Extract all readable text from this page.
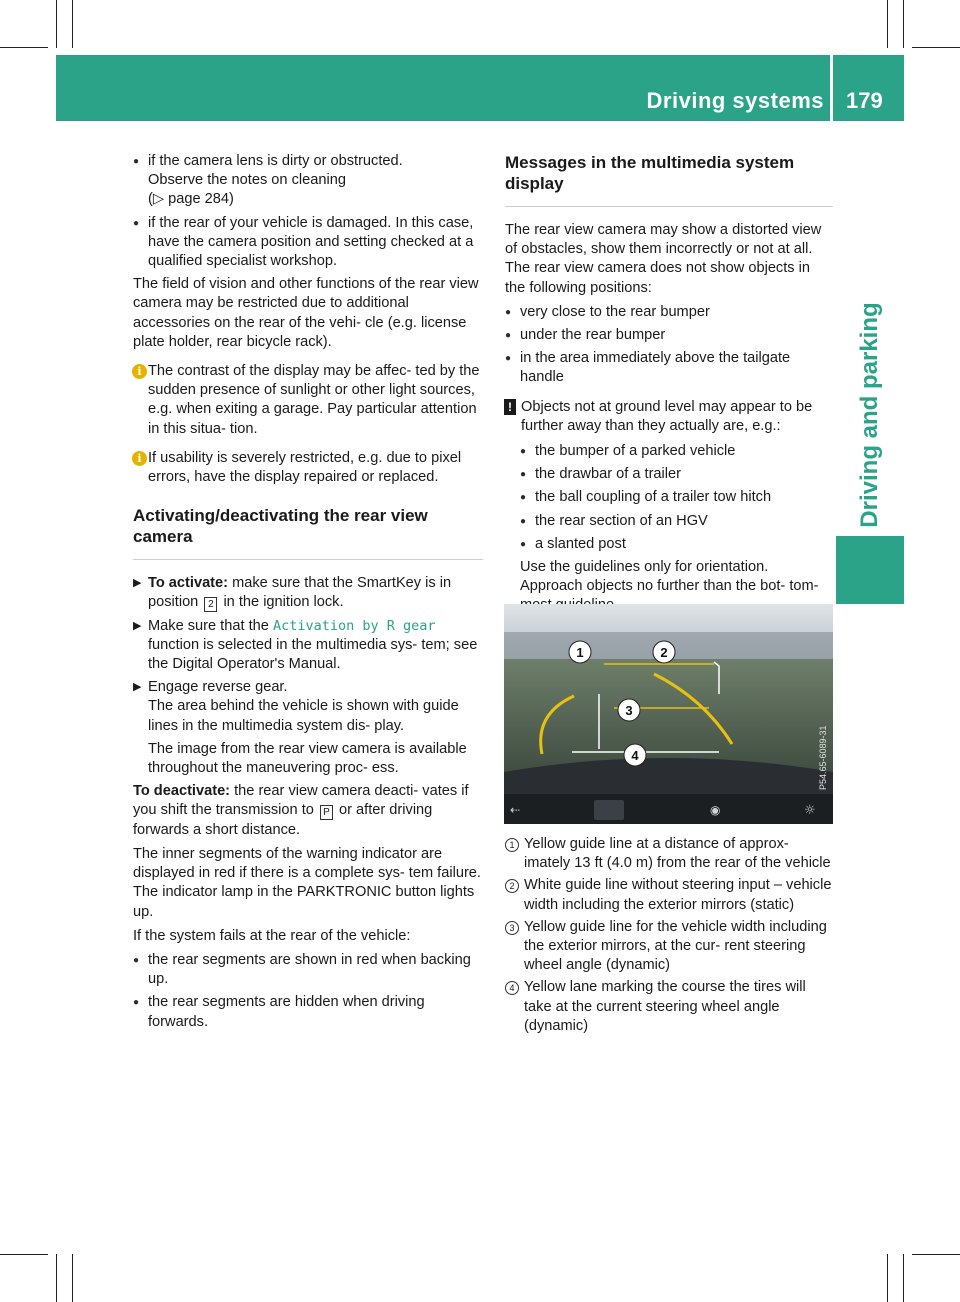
Driving systems 179
Driving and parking
● if the camera lens is dirty or obstructed.
Observe the notes on cleaning
(▷ page 284)
● if the rear of your vehicle is damaged. In this case, have the camera position and setting checked at a qualified specialist workshop.

The field of vision and other functions of the rear view camera may be restricted due to additional accessories on the rear of the vehi- cle (e.g. license plate holder, rear bicycle rack).

i The contrast of the display may be affec- ted by the sudden presence of sunlight or other light sources, e.g. when exiting a garage. Pay particular attention in this situa- tion.
i If usability is severely restricted, e.g. due to pixel errors, have the display repaired or replaced.
Activating/deactivating the rear view camera
▶ To activate: make sure that the SmartKey is in position 2 in the ignition lock.
▶ Make sure that the Activation by R gear function is selected in the multimedia sys- tem; see the Digital Operator's Manual.
▶ Engage reverse gear.
The area behind the vehicle is shown with guide lines in the multimedia system dis- play.
The image from the rear view camera is available throughout the maneuvering proc- ess.

To deactivate: the rear view camera deacti- vates if you shift the transmission to P or after driving forwards a short distance.

The inner segments of the warning indicator are displayed in red if there is a complete sys- tem failure. The indicator lamp in the PARKTRONIC button lights up.

If the system fails at the rear of the vehicle:

● the rear segments are shown in red when backing up.
● the rear segments are hidden when driving forwards.
Messages in the multimedia system display

The rear view camera may show a distorted view of obstacles, show them incorrectly or not at all. The rear view camera does not show objects in the following positions:

● very close to the rear bumper
● under the rear bumper
● in the area immediately above the tailgate handle
! Objects not at ground level may appear to be further away than they actually are, e.g.:
● the bumper of a parked vehicle
● the drawbar of a trailer
● the ball coupling of a trailer tow hitch
● the rear section of an HGV
● a slanted post

Use the guidelines only for orientation. Approach objects no further than the bot- tom-

1	2
3
4
⇠	◉	☼
P54.65-6089-31
1 Yellow guide line at a distance of approx- imately 13 ft (4.0 m) from the rear of the vehicle
2 White guide line without steering input – vehicle width including the exterior mirrors (static)
3 Yellow guide line for the vehicle width including the exterior mirrors, at the cur- rent steering wheel angle (dynamic)
4 Yellow lane marking the course the tires will take at the current steering wheel angle (dynamic)
